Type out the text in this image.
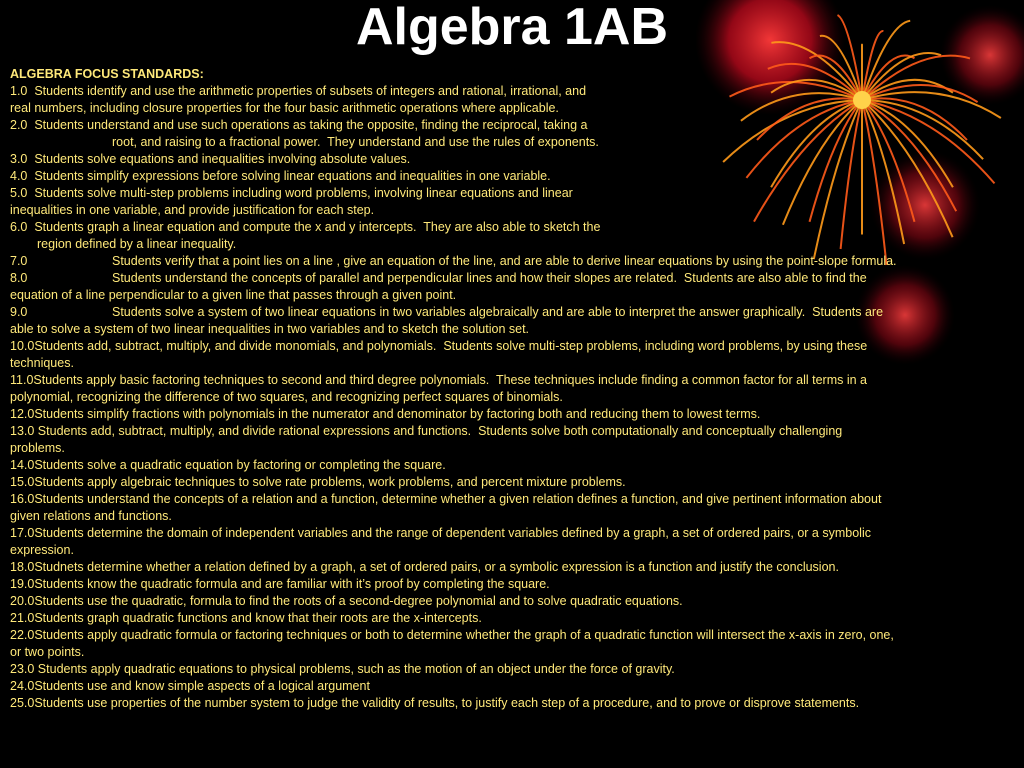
Algebra 1AB
ALGEBRA FOCUS STANDARDS:
1.0  Students identify and use the arithmetic properties of subsets of integers and rational, irrational, and
real numbers, including closure properties for the four basic arithmetic operations where applicable.
2.0  Students understand and use such operations as taking the opposite, finding the reciprocal, taking a
root, and raising to a fractional power.  They understand and use the rules of exponents.
3.0  Students solve equations and inequalities involving absolute values.
4.0  Students simplify expressions before solving linear equations and inequalities in one variable.
5.0  Students solve multi-step problems including word problems, involving linear equations and linear
inequalities in one variable, and provide justification for each step.
6.0  Students graph a linear equation and compute the x and y intercepts.  They are also able to sketch the
region defined by a linear inequality.
7.0	Students verify that a point lies on a line , give an equation of the line, and are able to derive linear equations by using the point-slope formula.
8.0	Students understand the concepts of parallel and perpendicular lines and how their slopes are related.  Students are also able to find the
equation of a line perpendicular to a given line that passes through a given point.
9.0	Students solve a system of two linear equations in two variables algebraically and are able to interpret the answer graphically.  Students are
able to solve a system of two linear inequalities in two variables and to sketch the solution set.
10.0Students add, subtract, multiply, and divide monomials, and polynomials.  Students solve multi-step problems, including word problems, by using these
techniques.
11.0Students apply basic factoring techniques to second and third degree polynomials.  These techniques include finding a common factor for all terms in a
polynomial, recognizing the difference of two squares, and recognizing perfect squares of binomials.
12.0Students simplify fractions with polynomials in the numerator and denominator by factoring both and reducing them to lowest terms.
13.0 Students add, subtract, multiply, and divide rational expressions and functions.  Students solve both computationally and conceptually challenging
problems.
14.0Students solve a quadratic equation by factoring or completing the square.
15.0Students apply algebraic techniques to solve rate problems, work problems, and percent mixture problems.
16.0Students understand the concepts of a relation and a function, determine whether a given relation defines a function, and give pertinent information about
given relations and functions.
17.0Students determine the domain of independent variables and the range of dependent variables defined by a graph, a set of ordered pairs, or a symbolic
expression.
18.0Studnets determine whether a relation defined by a graph, a set of ordered pairs, or a symbolic expression is a function and justify the conclusion.
19.0Students know the quadratic formula and are familiar with it’s proof by completing the square.
20.0Students use the quadratic, formula to find the roots of a second-degree polynomial and to solve quadratic equations.
21.0Students graph quadratic functions and know that their roots are the x-intercepts.
22.0Students apply quadratic formula or factoring techniques or both to determine whether the graph of a quadratic function will intersect the x-axis in zero, one,
or two points.
23.0 Students apply quadratic equations to physical problems, such as the motion of an object under the force of gravity.
24.0Students use and know simple aspects of a logical argument
25.0Students use properties of the number system to judge the validity of results, to justify each step of a procedure, and to prove or disprove statements.
